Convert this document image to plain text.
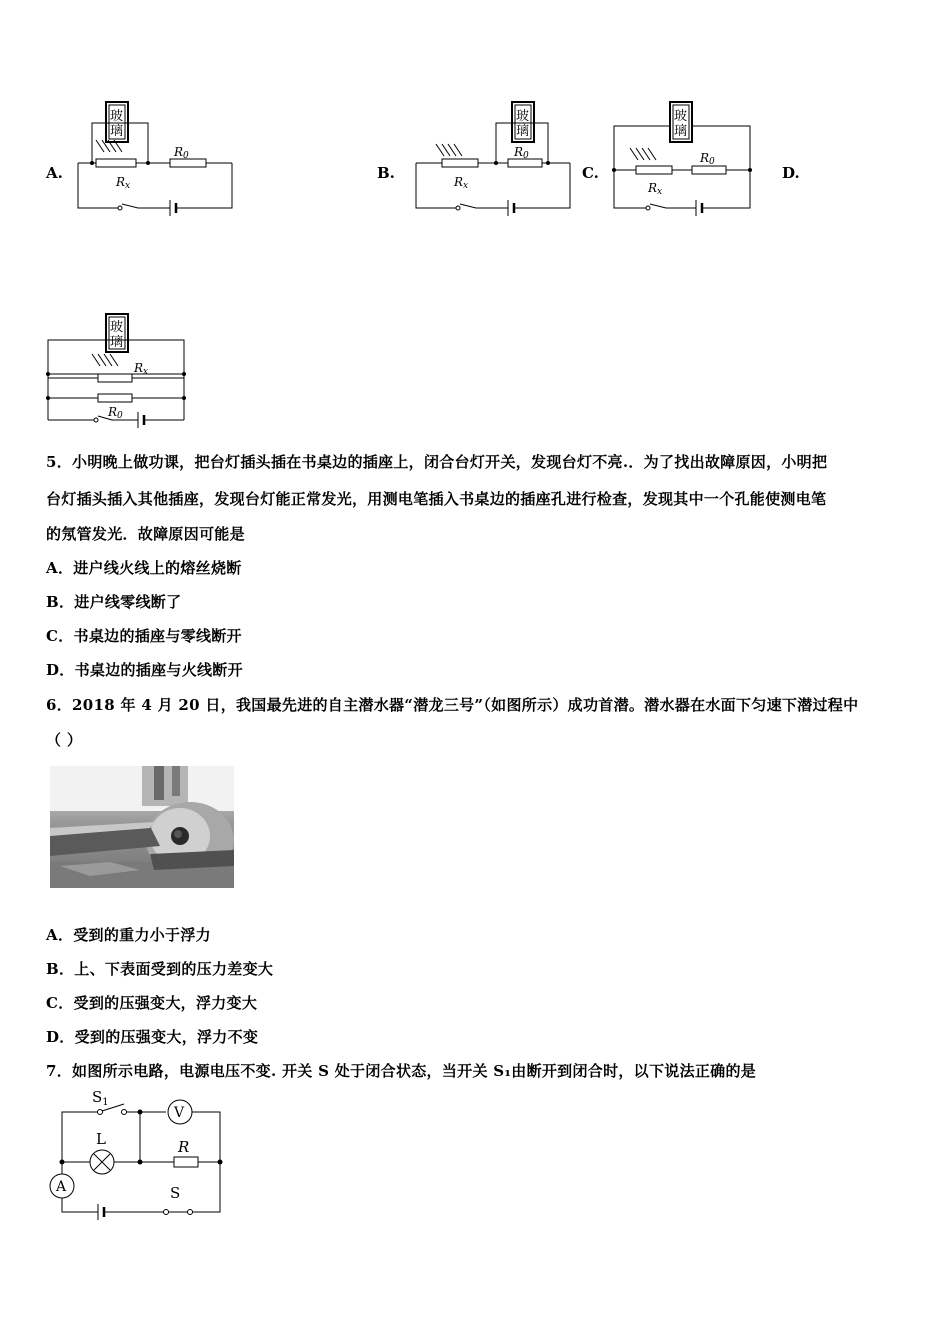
A.	B.	C.	D.
玻
璃
R0
Rx
玻
璃
R0
Rx
玻
璃
R0
Rx
玻
璃
Rx
R0
5．小明晚上做功课，把台灯插头插在书桌边的插座上，闭合台灯开关，发现台灯不亮.．为了找出故障原因，小明把
台灯插头插入其他插座，发现台灯能正常发光，用测电笔插入书桌边的插座孔进行检查，发现其中一个孔能使测电笔
的氖管发光．故障原因可能是
A．进户线火线上的熔丝烧断
B．进户线零线断了
C．书桌边的插座与零线断开
D．书桌边的插座与火线断开
6．2018 年 4 月 20 日，我国最先进的自主潜水器“潜龙三号”（如图所示）成功首潜。潜水器在水面下匀速下潜过程中
（ ）
A．受到的重力小于浮力
B．上、下表面受到的压力差变大
C．受到的压强变大，浮力变大
D．受到的压强变大，浮力不变
7．如图所示电路，电源电压不变. 开关 S 处于闭合状态，当开关 S₁由断开到闭合时，以下说法正确的是
$S_1$
V
L	R
A	S
